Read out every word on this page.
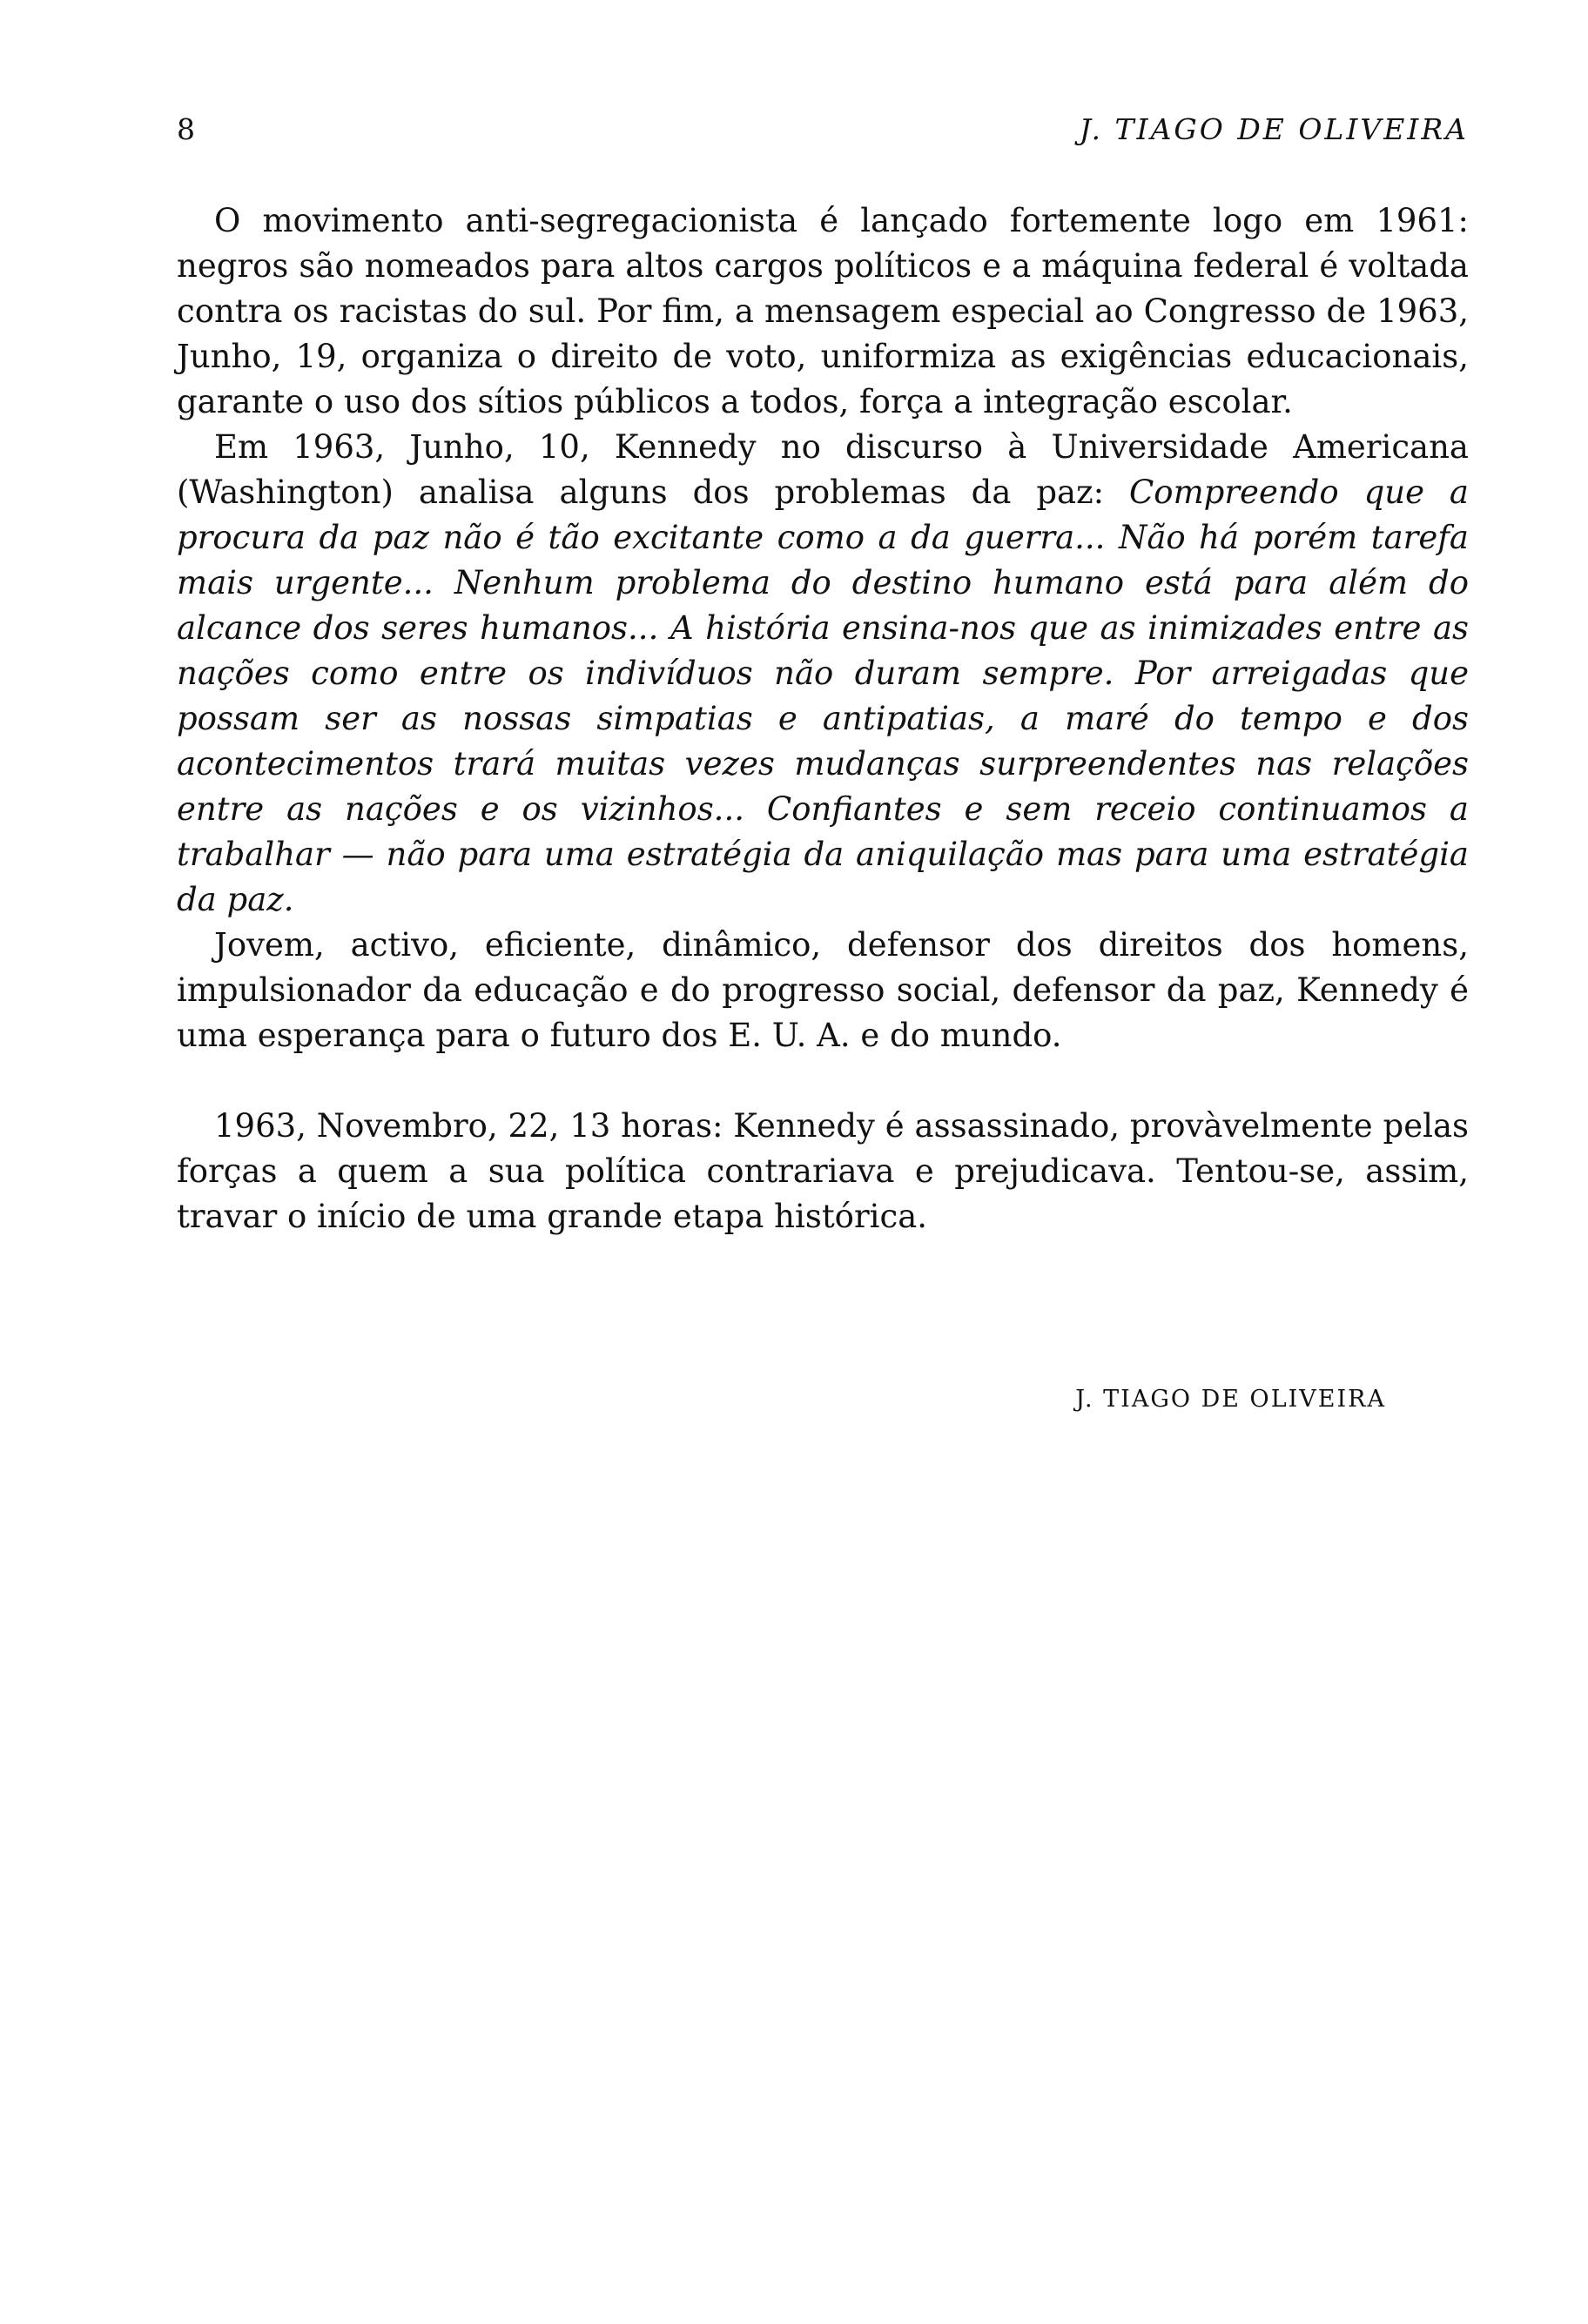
8	J. TIAGO DE OLIVEIRA

O movimento anti-segregacionista é lançado fortemente logo em 1961: negros são nomeados para altos cargos políticos e a máquina federal é voltada contra os racistas do sul. Por fim, a mensagem especial ao Congresso de 1963, Junho, 19, organiza o direito de voto, uniformiza as exigências educacionais, garante o uso dos sítios públicos a todos, força a integração escolar.

Em 1963, Junho, 10, Kennedy no discurso à Universidade Americana (Washington) analisa alguns dos problemas da paz: Compreendo que a procura da paz não é tão excitante como a da guerra... Não há porém tarefa mais urgente... Nenhum problema do destino humano está para além do alcance dos seres humanos... A história ensina-nos que as inimizades entre as nações como entre os indivíduos não duram sempre. Por arreigadas que possam ser as nossas simpatias e antipatias, a maré do tempo e dos acontecimentos trará muitas vezes mudanças surpreendentes nas relações entre as nações e os vizinhos... Confiantes e sem receio continuamos a trabalhar — não para uma estratégia da aniquilação mas para uma estratégia da paz.

Jovem, activo, eficiente, dinâmico, defensor dos direitos dos homens, impulsionador da educação e do progresso social, defensor da paz, Kennedy é uma esperança para o futuro dos E. U. A. e do mundo.

1963, Novembro, 22, 13 horas: Kennedy é assassinado, provàvelmente pelas forças a quem a sua política contrariava e prejudicava. Tentou-se, assim, travar o início de uma grande etapa histórica.

J. TIAGO DE OLIVEIRA
